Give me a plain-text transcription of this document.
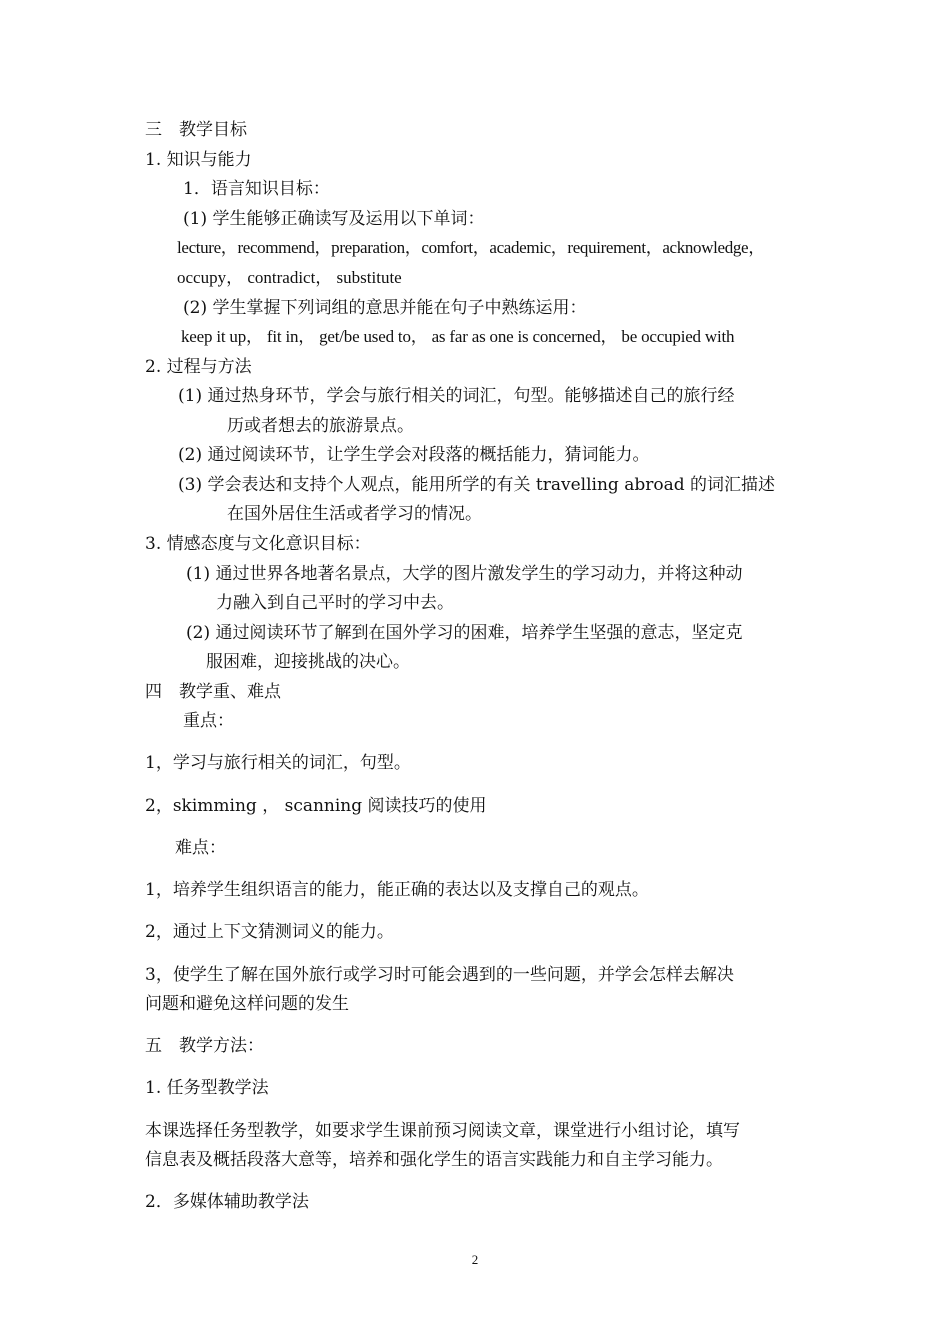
三　教学目标
1. 知识与能力
1．语言知识目标：
(1) 学生能够正确读写及运用以下单词：
lecture，recommend，preparation，comfort，academic，requirement，acknowledge，
occupy， contradict， substitute
(2) 学生掌握下列词组的意思并能在句子中熟练运用：
keep it up， fit in， get/be used to， as far as one is concerned， be occupied with
2. 过程与方法
(1) 通过热身环节，学会与旅行相关的词汇，句型。能够描述自己的旅行经
历或者想去的旅游景点。
(2) 通过阅读环节，让学生学会对段落的概括能力，猜词能力。
(3) 学会表达和支持个人观点，能用所学的有关 travelling abroad 的词汇描述
在国外居住生活或者学习的情况。
3. 情感态度与文化意识目标：
(1) 通过世界各地著名景点，大学的图片激发学生的学习动力，并将这种动
力融入到自己平时的学习中去。
(2) 通过阅读环节了解到在国外学习的困难，培养学生坚强的意志，坚定克
服困难，迎接挑战的决心。
四　教学重、难点
重点：
1，学习与旅行相关的词汇，句型。
2，skimming ， scanning 阅读技巧的使用
难点：
1，培养学生组织语言的能力，能正确的表达以及支撑自己的观点。
2，通过上下文猜测词义的能力。
3，使学生了解在国外旅行或学习时可能会遇到的一些问题，并学会怎样去解决
问题和避免这样问题的发生
五　教学方法：
1. 任务型教学法
本课选择任务型教学，如要求学生课前预习阅读文章，课堂进行小组讨论，填写
信息表及概括段落大意等，培养和强化学生的语言实践能力和自主学习能力。
2．多媒体辅助教学法
2
